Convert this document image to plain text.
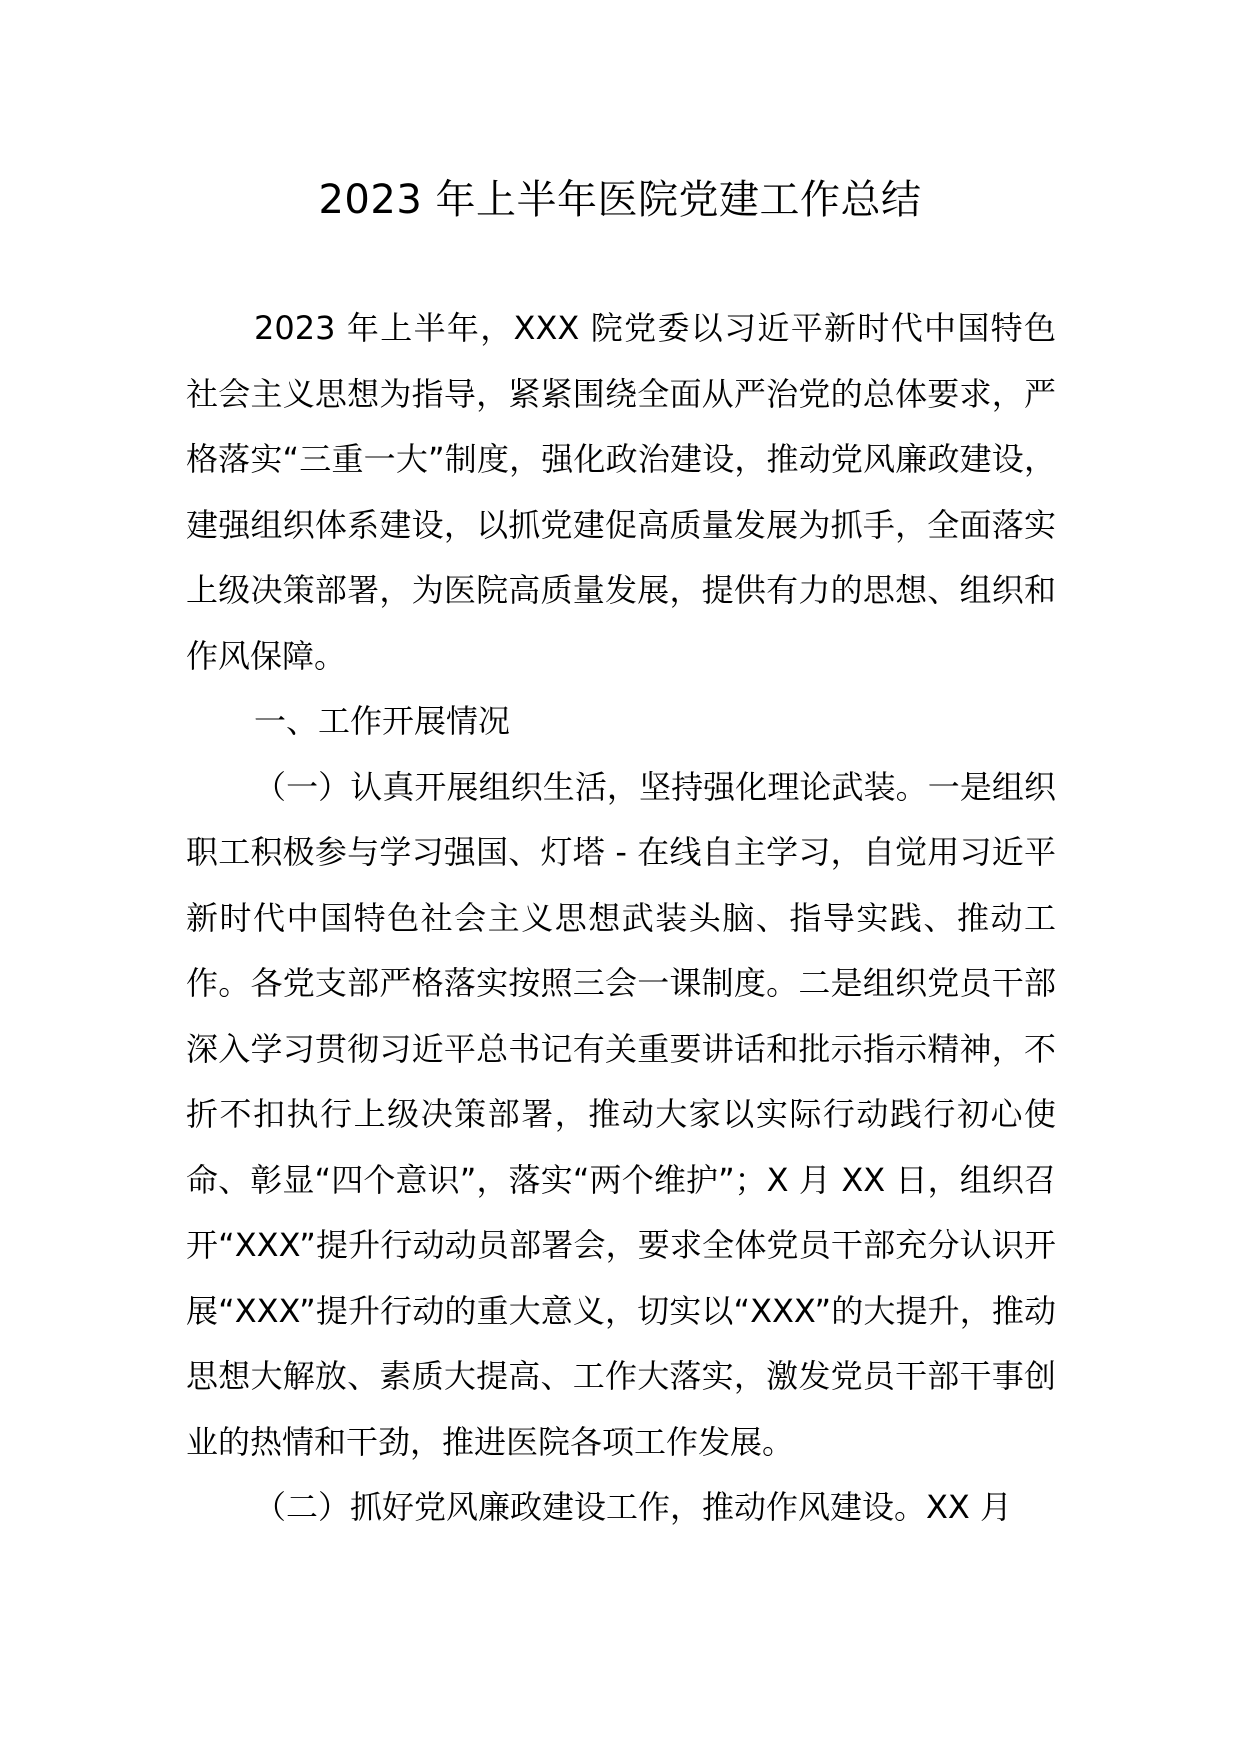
2023 年上半年医院党建工作总结

2023 年上半年，XXX 院党委以习近平新时代中国特色社会主义思想为指导，紧紧围绕全面从严治党的总体要求，严格落实“三重一大”制度，强化政治建设，推动党风廉政建设，建强组织体系建设，以抓党建促高质量发展为抓手，全面落实上级决策部署，为医院高质量发展，提供有力的思想、组织和作风保障。

一、工作开展情况

（一）认真开展组织生活，坚持强化理论武装。一是组织职工积极参与学习强国、灯塔 - 在线自主学习，自觉用习近平新时代中国特色社会主义思想武装头脑、指导实践、推动工作。各党支部严格落实按照三会一课制度。二是组织党员干部深入学习贯彻习近平总书记有关重要讲话和批示指示精神，不折不扣执行上级决策部署，推动大家以实际行动践行初心使命、彰显“四个意识”，落实“两个维护”；X 月 XX 日，组织召开“XXX”提升行动动员部署会，要求全体党员干部充分认识开展“XXX”提升行动的重大意义，切实以“XXX”的大提升，推动思想大解放、素质大提高、工作大落实，激发党员干部干事创业的热情和干劲，推进医院各项工作发展。

（二）抓好党风廉政建设工作，推动作风建设。XX 月
